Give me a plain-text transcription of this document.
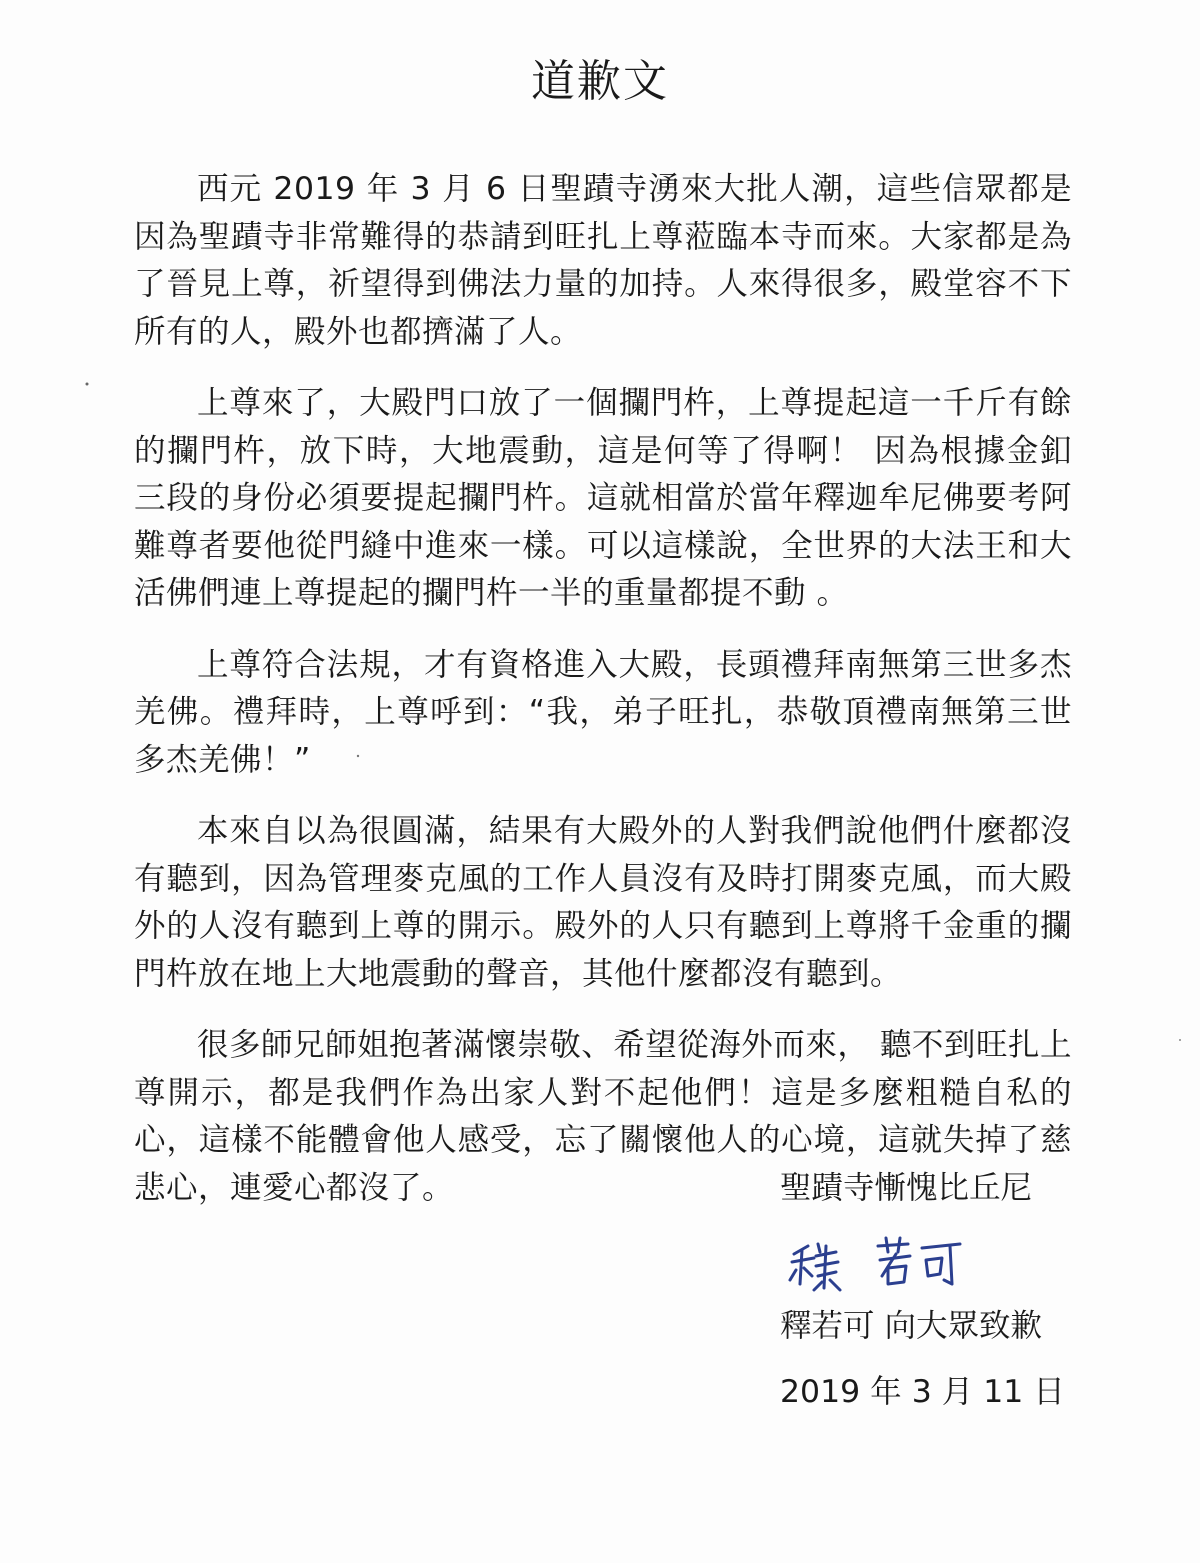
道歉文

西元 2019 年 3 月 6 日聖蹟寺湧來大批人潮，這些信眾都是因為聖蹟寺非常難得的恭請到旺扎上尊蒞臨本寺而來。大家都是為了晉見上尊，祈望得到佛法力量的加持。人來得很多，殿堂容不下所有的人，殿外也都擠滿了人。

上尊來了，大殿門口放了一個攔門杵，上尊提起這一千斤有餘的攔門杵，放下時，大地震動，這是何等了得啊！ 因為根據金釦三段的身份必須要提起攔門杵。這就相當於當年釋迦牟尼佛要考阿難尊者要他從門縫中進來一樣。可以這樣說，全世界的大法王和大活佛們連上尊提起的攔門杵一半的重量都提不動 。

上尊符合法規，才有資格進入大殿，長頭禮拜南無第三世多杰羌佛。禮拜時，上尊呼到：“我，弟子旺扎，恭敬頂禮南無第三世多杰羌佛！”

本來自以為很圓滿，結果有大殿外的人對我們說他們什麼都沒有聽到，因為管理麥克風的工作人員沒有及時打開麥克風，而大殿外的人沒有聽到上尊的開示。殿外的人只有聽到上尊將千金重的攔門杵放在地上大地震動的聲音，其他什麼都沒有聽到。

很多師兄師姐抱著滿懷崇敬、希望從海外而來， 聽不到旺扎上尊開示，都是我們作為出家人對不起他們！這是多麼粗糙自私的心，這樣不能體會他人感受，忘了關懷他人的心境，這就失掉了慈悲心，連愛心都沒了。	聖蹟寺慚愧比丘尼

釋若可 向大眾致歉

2019 年 3 月 11 日
